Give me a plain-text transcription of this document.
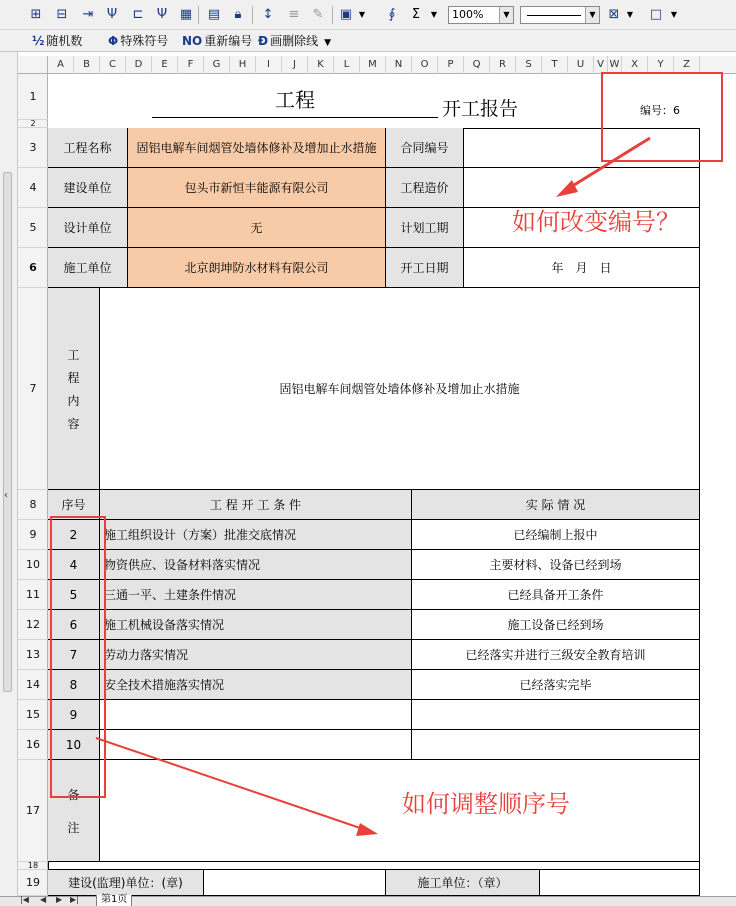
⊞	⊟	⇥	Ψ	⊏	Ψ ▦ ▤	🔒︎	↕	≡	✎	▣ ▼	∮	Σ	▼	100%	▼	▼ ⊠ ▼ □	▼
½ 随机数 Φ 特殊符号 NO 重新编号 Đ 画删除线 ▼
‹
A	B	C	D	E	F	G	H	I	J	K	L	M	N	O	P	Q	R	S	T	U	V W	X	Y	Z
1
2
3
4
5
6
7
8
9
10
11
12
13
14
15
16
17
18
19
工程	开工报告	编号：6
工程名称	固铝电解车间烟管处墙体修补及增加止水措施	合同编号
建设单位	包头市新恒丰能源有限公司	工程造价
设计单位	无	计划工期
施工单位	北京朗坤防水材料有限公司	开工日期	年　月　日
工
程
内
容
固铝电解车间烟管处墙体修补及增加止水措施
序号	工 程 开 工 条 件	实 际 情 况
2	施工组织设计（方案）批准交底情况	已经编制上报中
4	物资供应、设备材料落实情况	主要材料、设备已经到场
5	三通一平、土建条件情况	已经具备开工条件
6	施工机械设备落实情况	施工设备已经到场
7	劳动力落实情况	已经落实并进行三级安全教育培训
8	安全技术措施落实情况	已经落实完毕
9
10
备
注
建设(监理)单位：(章)	施工单位：（章）
如何改变编号？
如何调整顺序号
|◀ ◀ ▶ ▶|	第1页
